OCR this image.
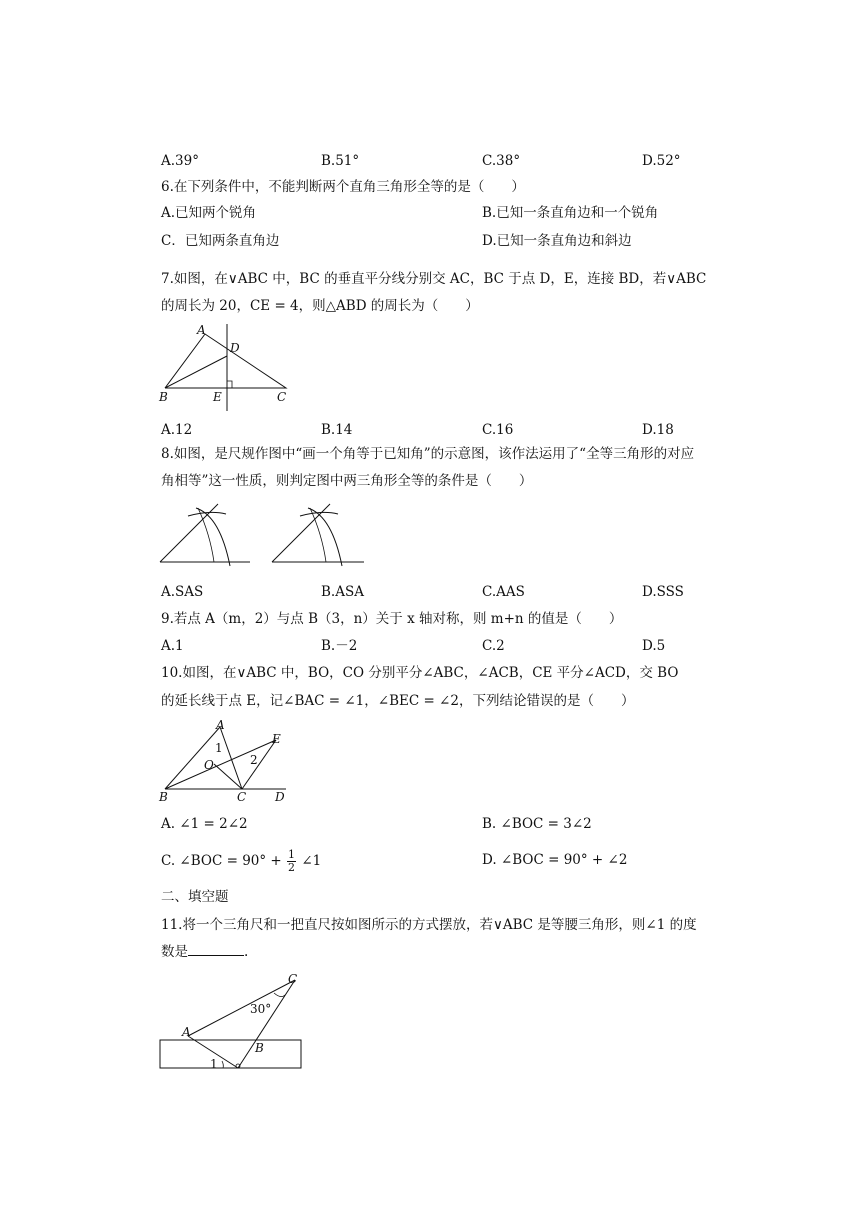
A.39°	B.51°	C.38°	D.52°
6.在下列条件中，不能判断两个直角三角形全等的是（　　）
A.已知两个锐角	B.已知一条直角边和一个锐角
C．已知两条直角边	D.已知一条直角边和斜边
7.如图，在∨ABC 中，BC 的垂直平分线分别交 AC，BC 于点 D，E，连接 BD，若∨ABC
的周长为 20，CE = 4，则△ABD 的周长为（　　）
A
D
B	E	C
A.12	B.14	C.16	D.18
8.如图，是尺规作图中“画一个角等于已知角”的示意图，该作法运用了“全等三角形的对应
角相等”这一性质，则判定图中两三角形全等的条件是（　　）
A.SAS	B.ASA	C.AAS	D.SSS
9.若点 A（m，2）与点 B（3，n）关于 x 轴对称，则 m+n 的值是（　　）
A.1	B.－2	C.2	D.5
10.如图，在∨ABC 中，BO，CO 分别平分∠ABC，∠ACB，CE 平分∠ACD，交 BO
的延长线于点 E，记∠BAC = ∠1，∠BEC = ∠2，下列结论错误的是（　　）
A
E
1
O	2
B	C D
A. ∠1 = 2∠2	B. ∠BOC = 3∠2
C. ∠BOC = $90^\circ + \frac{1}{2}$ ∠1	D. ∠BOC = 90° + ∠2
二、填空题
11.将一个三角尺和一把直尺按如图所示的方式摆放，若∨ABC 是等腰三角形，则∠1 的度
数是	.
C
30°
A
B
1
